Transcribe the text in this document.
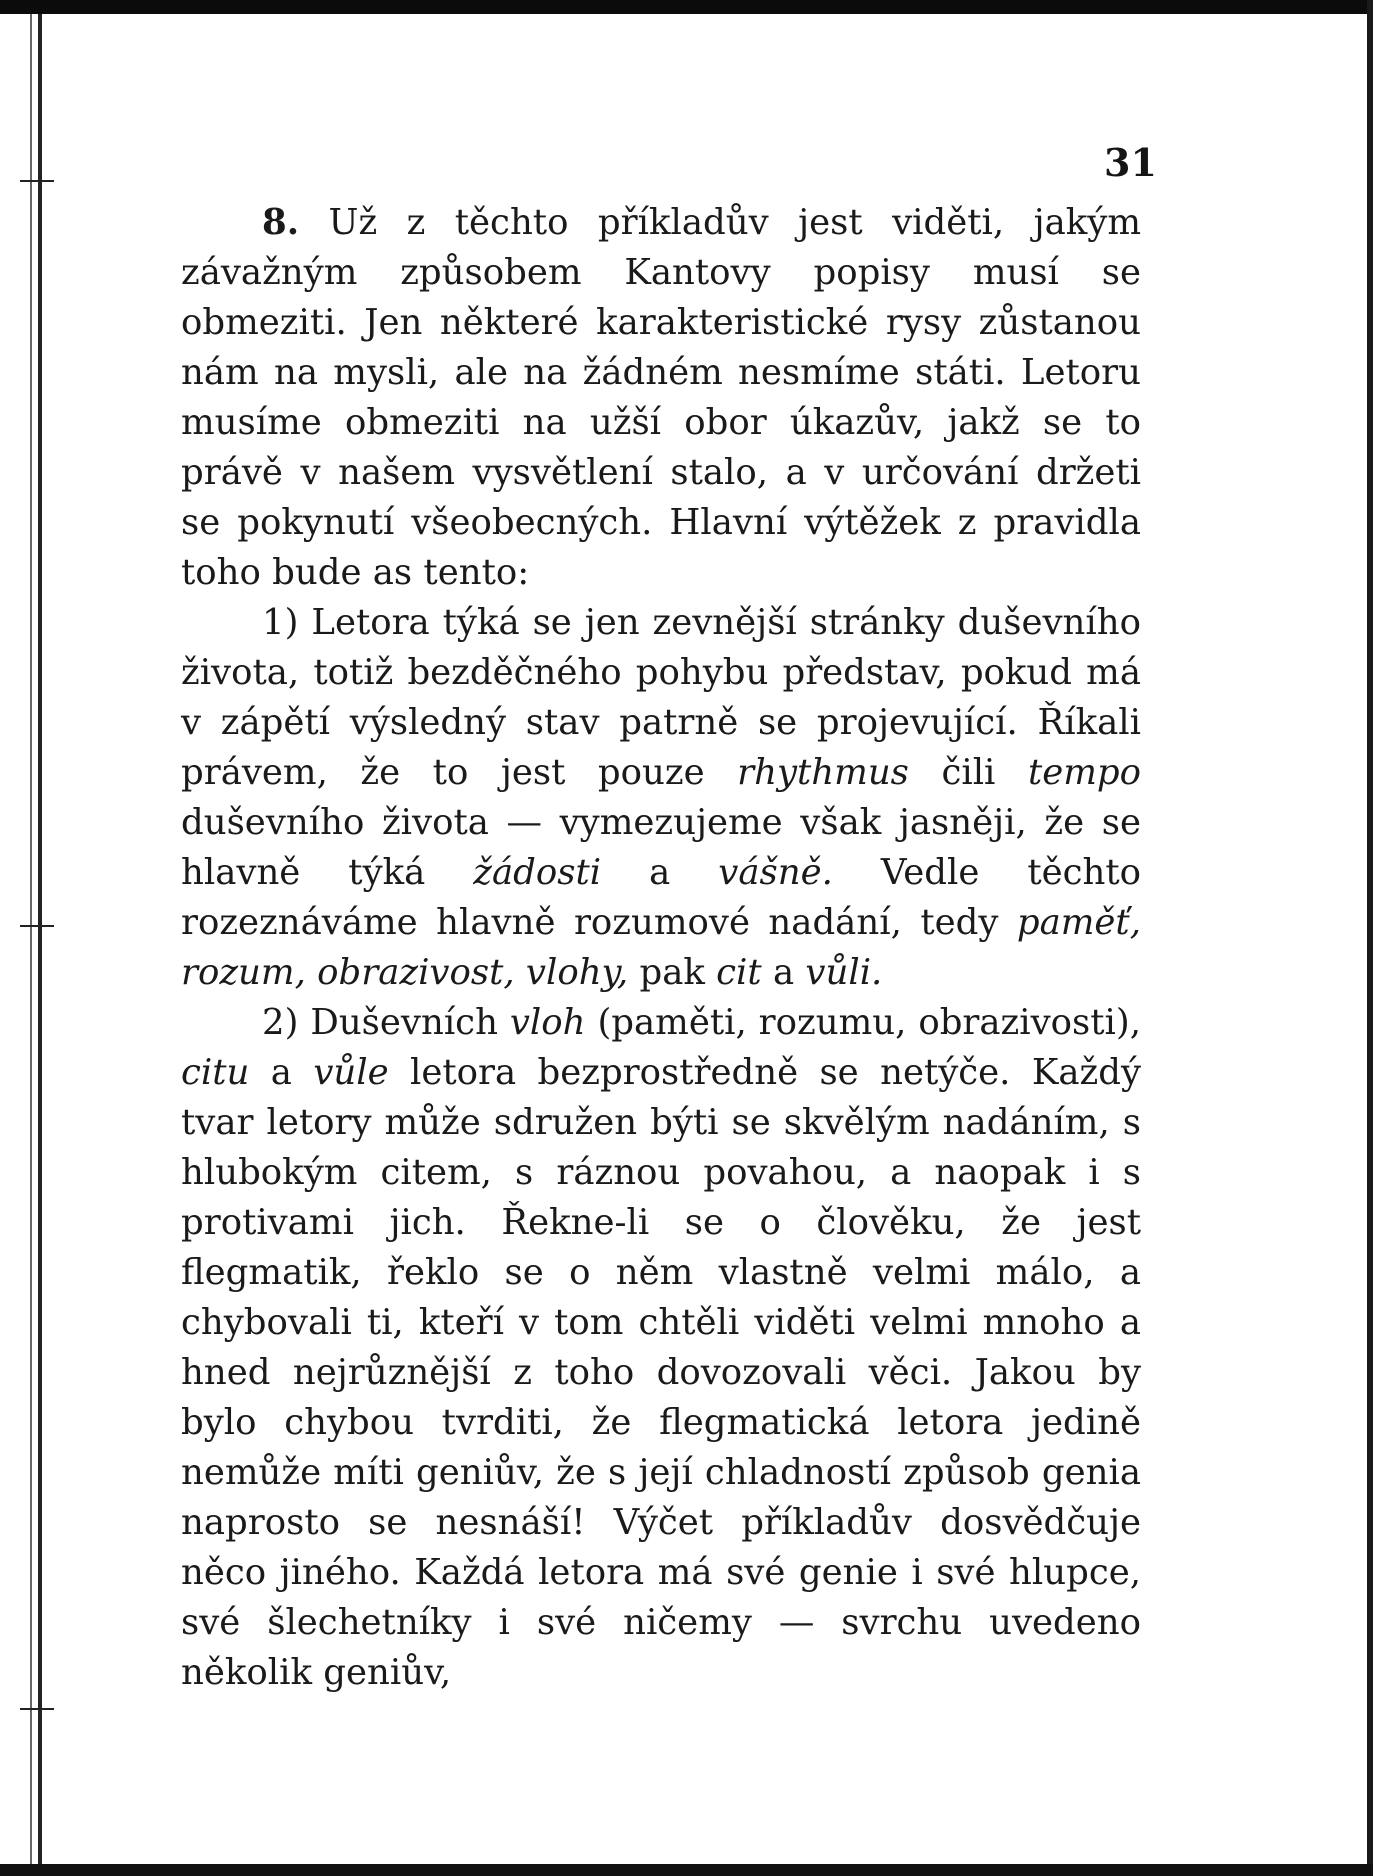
31

8. Už z těchto příkladův jest viděti, jakým závažným způsobem Kantovy popisy musí se obmeziti. Jen některé karakteristické rysy zůstanou nám na mysli, ale na žádném nesmíme státi. Letoru musíme obmeziti na užší obor úkazův, jakž se to právě v našem vysvětlení stalo, a v určování držeti se pokynutí všeobecných. Hlavní výtěžek z pravidla toho bude as tento:

1) Letora týká se jen zevnější stránky duševního života, totiž bezděčného pohybu představ, pokud má v zápětí výsledný stav patrně se projevující. Říkali právem, že to jest pouze rhythmus čili tempo duševního života — vymezujeme však jasněji, že se hlavně týká žádosti a vášně. Vedle těchto rozeznáváme hlavně rozumové nadání, tedy paměť, rozum, obrazivost, vlohy, pak cit a vůli.

2) Duševních vloh (paměti, rozumu, obrazivosti), citu a vůle letora bezprostředně se netýče. Každý tvar letory může sdružen býti se skvělým nadáním, s hlubokým citem, s ráznou povahou, a naopak i s protivami jich. Řekne-li se o člověku, že jest flegmatik, řeklo se o něm vlastně velmi málo, a chybovali ti, kteří v tom chtěli viděti velmi mnoho a hned nejrůznější z toho dovozovali věci. Jakou by bylo chybou tvrditi, že flegmatická letora jedině nemůže míti geniův, že s její chladností způsob genia naprosto se nesnáší! Výčet příkladův dosvědčuje něco jiného. Každá letora má své genie i své hlupce, své šlechetníky i své ničemy — svrchu uvedeno několik geniův,
